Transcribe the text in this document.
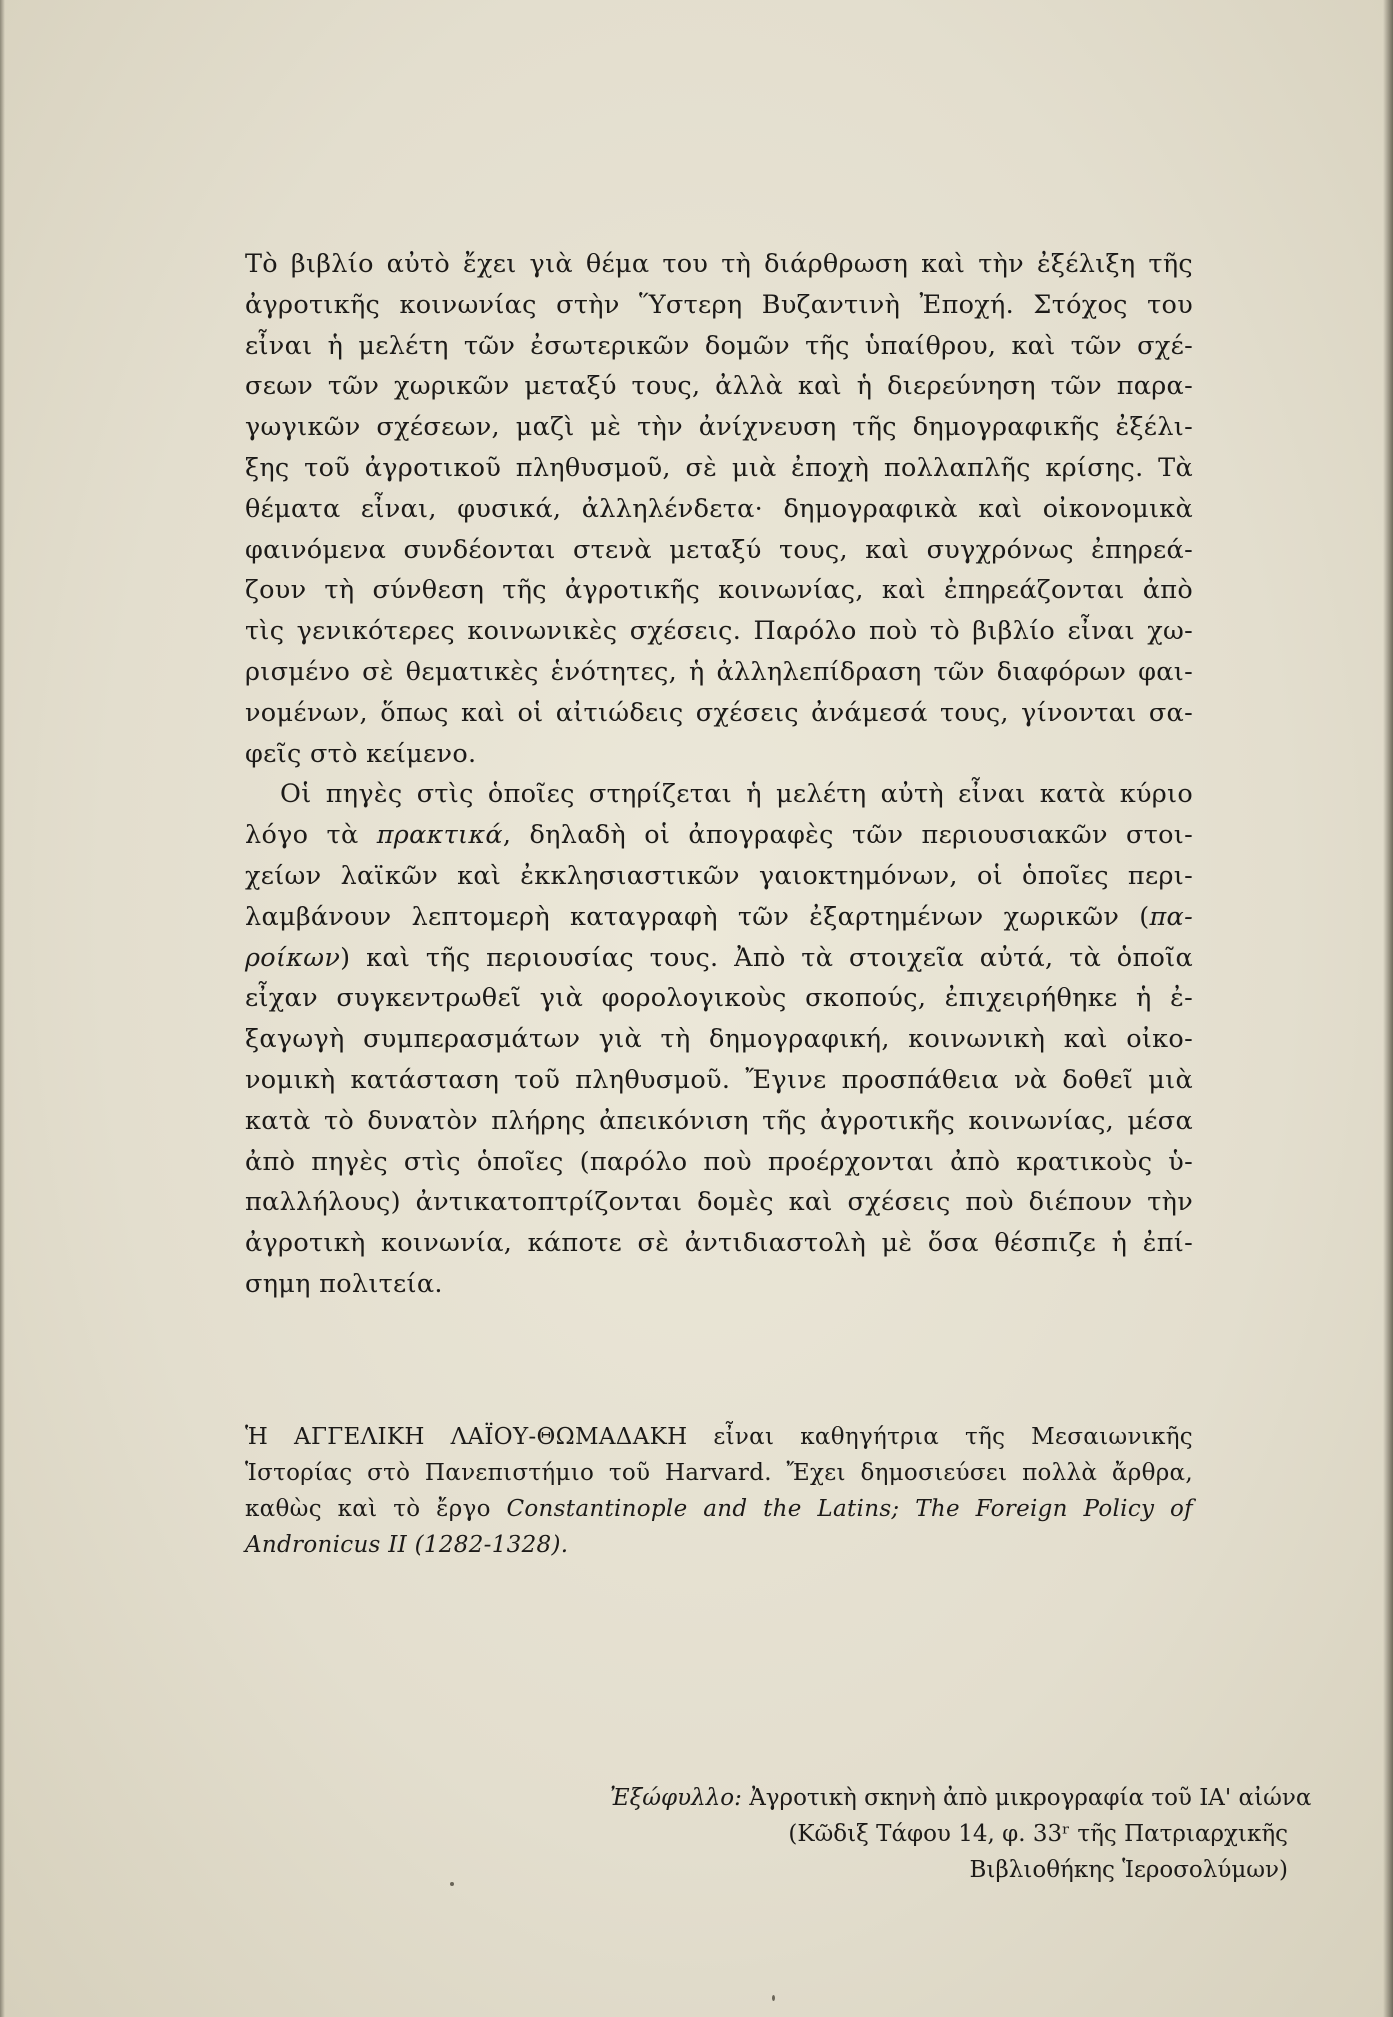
Τὸ βιβλίο αὐτὸ ἔχει γιὰ θέμα του τὴ διάρθρωση καὶ τὴν ἐξέλιξη τῆς
ἀγροτικῆς κοινωνίας στὴν Ὕστερη Βυζαντινὴ Ἐποχή. Στόχος του
εἶναι ἡ μελέτη τῶν ἐσωτερικῶν δομῶν τῆς ὑπαίθρου, καὶ τῶν σχέ-
σεων τῶν χωρικῶν μεταξύ τους, ἀλλὰ καὶ ἡ διερεύνηση τῶν παρα-
γωγικῶν σχέσεων, μαζὶ μὲ τὴν ἀνίχνευση τῆς δημογραφικῆς ἐξέλι-
ξης τοῦ ἀγροτικοῦ πληθυσμοῦ, σὲ μιὰ ἐποχὴ πολλαπλῆς κρίσης. Τὰ
θέματα εἶναι, φυσικά, ἀλληλένδετα· δημογραφικὰ καὶ οἰκονομικὰ
φαινόμενα συνδέονται στενὰ μεταξύ τους, καὶ συγχρόνως ἐπηρεά-
ζουν τὴ σύνθεση τῆς ἀγροτικῆς κοινωνίας, καὶ ἐπηρεάζονται ἀπὸ
τὶς γενικότερες κοινωνικὲς σχέσεις. Παρόλο ποὺ τὸ βιβλίο εἶναι χω-
ρισμένο σὲ θεματικὲς ἑνότητες, ἡ ἀλληλεπίδραση τῶν διαφόρων φαι-
νομένων, ὅπως καὶ οἱ αἰτιώδεις σχέσεις ἀνάμεσά τους, γίνονται σα-
φεῖς στὸ κείμενο.
Οἱ πηγὲς στὶς ὁποῖες στηρίζεται ἡ μελέτη αὐτὴ εἶναι κατὰ κύριο
λόγο τὰ πρακτικά, δηλαδὴ οἱ ἀπογραφὲς τῶν περιουσιακῶν στοι-
χείων λαϊκῶν καὶ ἐκκλησιαστικῶν γαιοκτημόνων, οἱ ὁποῖες περι-
λαμβάνουν λεπτομερὴ καταγραφὴ τῶν ἐξαρτημένων χωρικῶν (πα-
ροίκων) καὶ τῆς περιουσίας τους. Ἀπὸ τὰ στοιχεῖα αὐτά, τὰ ὁποῖα
εἶχαν συγκεντρωθεῖ γιὰ φορολογικοὺς σκοπούς, ἐπιχειρήθηκε ἡ ἐ-
ξαγωγὴ συμπερασμάτων γιὰ τὴ δημογραφική, κοινωνικὴ καὶ οἰκο-
νομικὴ κατάσταση τοῦ πληθυσμοῦ. Ἔγινε προσπάθεια νὰ δοθεῖ μιὰ
κατὰ τὸ δυνατὸν πλήρης ἀπεικόνιση τῆς ἀγροτικῆς κοινωνίας, μέσα
ἀπὸ πηγὲς στὶς ὁποῖες (παρόλο ποὺ προέρχονται ἀπὸ κρατικοὺς ὑ-
παλλήλους) ἀντικατοπτρίζονται δομὲς καὶ σχέσεις ποὺ διέπουν τὴν
ἀγροτικὴ κοινωνία, κάποτε σὲ ἀντιδιαστολὴ μὲ ὅσα θέσπιζε ἡ ἐπί-
σημη πολιτεία.
Ἡ ΑΓΓΕΛΙΚΗ ΛΑΪΟΥ-ΘΩΜΑΔΑΚΗ εἶναι καθηγήτρια τῆς Μεσαιωνικῆς
Ἱστορίας στὸ Πανεπιστήμιο τοῦ Harvard. Ἔχει δημοσιεύσει πολλὰ ἄρθρα,
καθὼς καὶ τὸ ἔργο Constantinople and the Latins; The Foreign Policy of
Andronicus II (1282-1328).
Ἐξώφυλλο: Ἀγροτικὴ σκηνὴ ἀπὸ μικρογραφία τοῦ ΙΑ' αἰώνα
(Κῶδιξ Τάφου 14, φ. 33ʳ τῆς Πατριαρχικῆς
Βιβλιοθήκης Ἱεροσολύμων)
